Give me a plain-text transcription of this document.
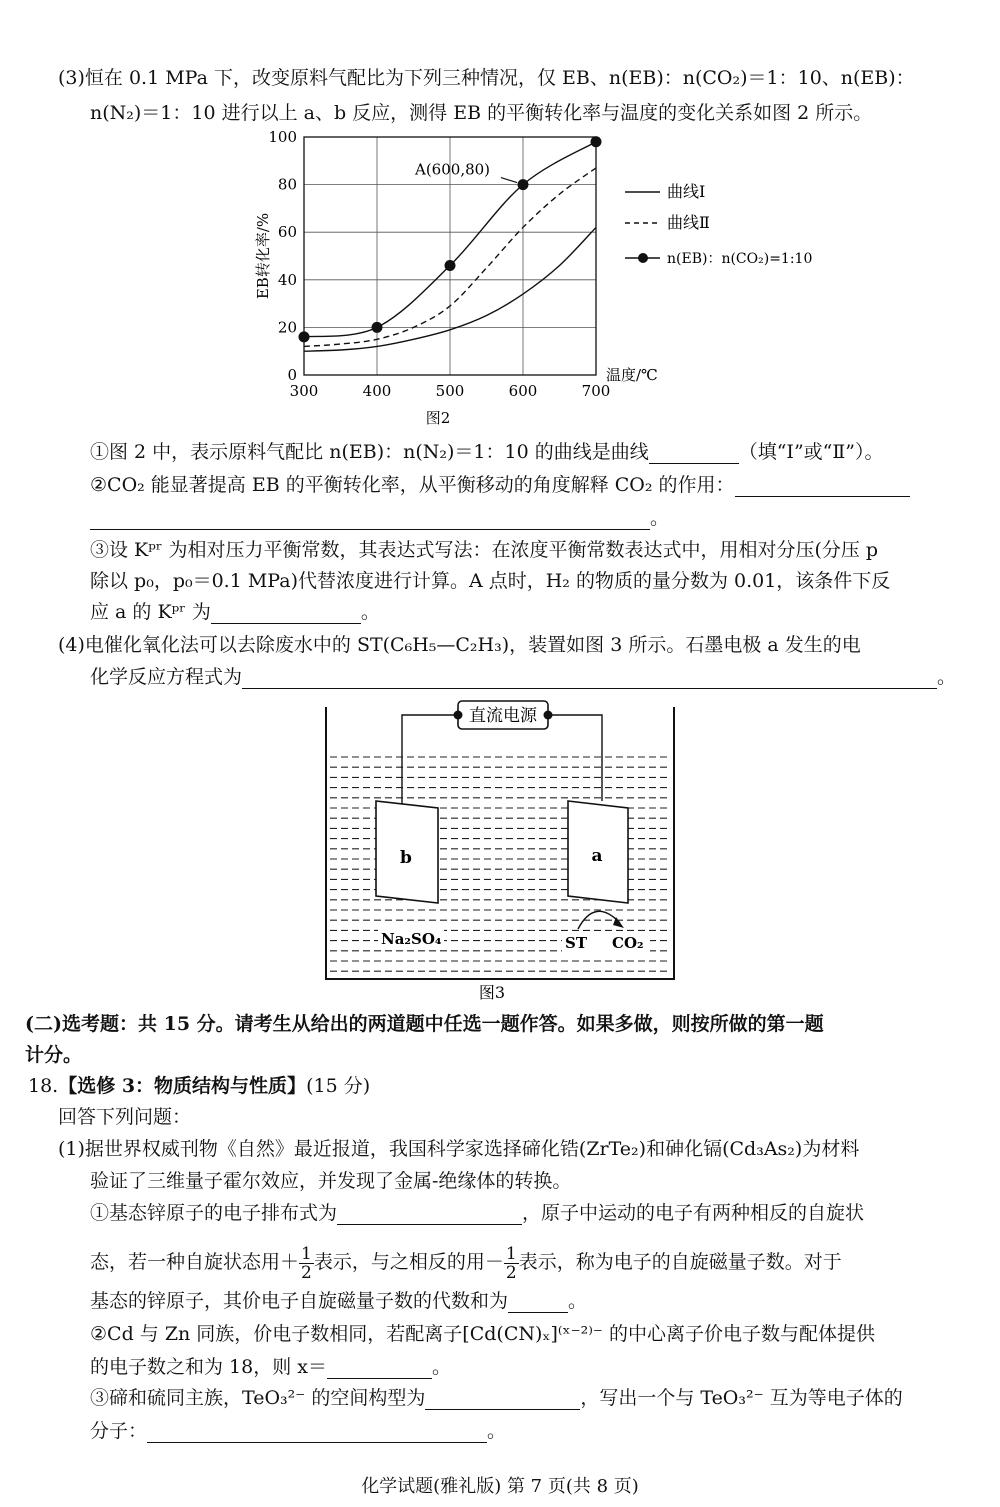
(3)恒在 0.1 MPa 下，改变原料气配比为下列三种情况，仅 EB、n(EB)：n(CO₂)＝1：10、n(EB)：
n(N₂)＝1：10 进行以上 a、b 反应，测得 EB 的平衡转化率与温度的变化关系如图 2 所示。
300	400	500	600	700
0
20
40
60
80
100
温度/℃
EB转化率/%
A(600,80)
曲线Ⅰ
曲线Ⅱ
n(EB)：n(CO₂)=1:10
图2
①图 2 中，表示原料气配比 n(EB)：n(N₂)＝1：10 的曲线是曲线	（填“Ⅰ”或“Ⅱ”）。
②CO₂ 能显著提高 EB 的平衡转化率，从平衡移动的角度解释 CO₂ 的作用：
。
③设 Kᵖʳ 为相对压力平衡常数，其表达式写法：在浓度平衡常数表达式中，用相对分压(分压 p
除以 p₀，p₀＝0.1 MPa)代替浓度进行计算。A 点时，H₂ 的物质的量分数为 0.01，该条件下反
应 a 的 Kᵖʳ 为	。
(4)电催化氧化法可以去除废水中的 ST(C₆H₅—C₂H₃)，装置如图 3 所示。石墨电极 a 发生的电
化学反应方程式为	。
直流电源
b	a
Na₂SO₄	ST CO₂
图3
(二)选考题：共 15 分。请考生从给出的两道题中任选一题作答。如果多做，则按所做的第一题
计分。
18.【选修 3：物质结构与性质】(15 分)
回答下列问题：
(1)据世界权威刊物《自然》最近报道，我国科学家选择碲化锆(ZrTe₂)和砷化镉(Cd₃As₂)为材料
验证了三维量子霍尔效应，并发现了金属-绝缘体的转换。
①基态锌原子的电子排布式为	，原子中运动的电子有两种相反的自旋状
态，若一种自旋状态用＋ $\frac{1}{2}$ 表示，与之相反的用－ $\frac{1}{2}$ 表示，称为电子的自旋磁量子数。对于
基态的锌原子，其价电子自旋磁量子数的代数和为	。
②Cd 与 Zn 同族，价电子数相同，若配离子[Cd(CN)ₓ]⁽ˣ⁻²⁾⁻ 的中心离子价电子数与配体提供
的电子数之和为 18，则 x＝	。
③碲和硫同主族，TeO₃²⁻ 的空间构型为	，写出一个与 TeO₃²⁻ 互为等电子体的
分子：	。
化学试题(雅礼版) 第 7 页(共 8 页)
